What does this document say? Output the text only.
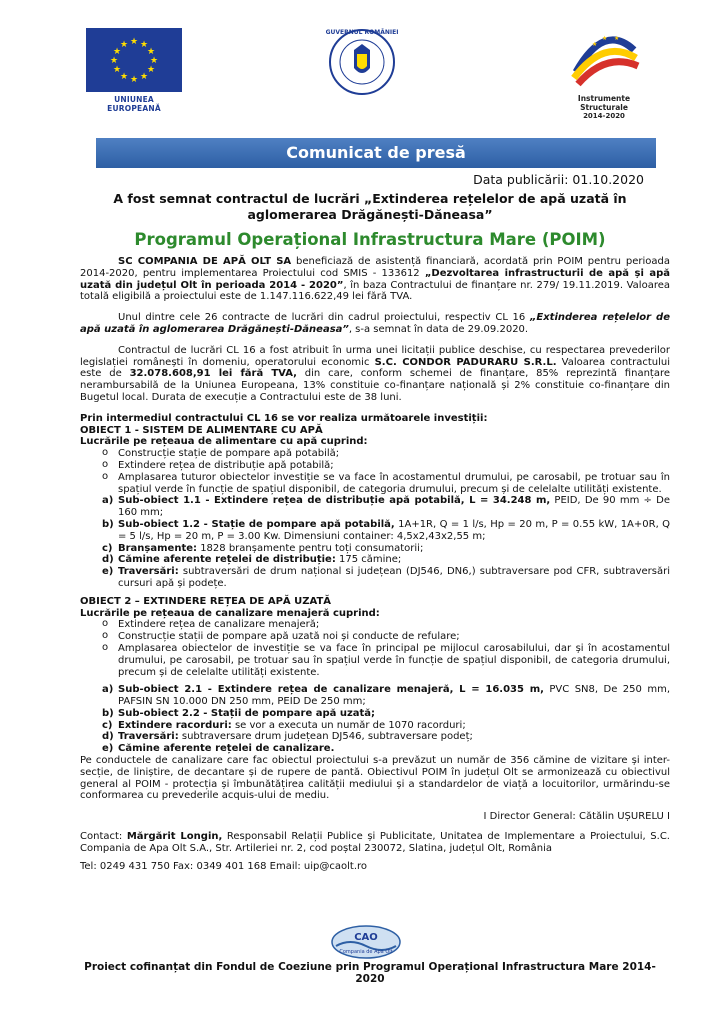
★ ★
★
★
★
★
★
★
★
★
★
★
UNIUNEA EUROPEANĂ
GUVERNUL ROMÂNIEI
★
★ ★
Instrumente Structurale
2014-2020
Comunicat de presă
Data publicării: 01.10.2020
A fost semnat contractul de lucrări „Extinderea rețelelor de apă uzată în aglomerarea Drăgănești-Dăneasa”
Programul Operațional Infrastructura Mare (POIM)

SC COMPANIA DE APĂ OLT SA beneficiază de asistență financiară, acordată prin POIM pentru perioada 2014-2020, pentru implementarea Proiectului cod SMIS - 133612 „Dezvoltarea infrastructurii de apă și apă uzată din județul Olt în perioada 2014 - 2020”, în baza Contractului de finanțare nr. 279/ 19.11.2019. Valoarea totală eligibilă a proiectului este de 1.147.116.622,49 lei fără TVA.

Unul dintre cele 26 contracte de lucrări din cadrul proiectului, respectiv CL 16 „Extinderea rețelelor de apă uzată în aglomerarea Drăgănești-Dăneasa”, s-a semnat în data de 29.09.2020.

Contractul de lucrări CL 16 a fost atribuit în urma unei licitații publice deschise, cu respectarea prevederilor legislației românești în domeniu, operatorului economic S.C. CONDOR PADURARU S.R.L. Valoarea contractului este de 32.078.608,91 lei fără TVA, din care, conform schemei de finanțare, 85% reprezintă finanțare nerambursabilă de la Uniunea Europeana, 13% constituie co-finanțare națională și 2% constituie co-finanțare din Bugetul local. Durata de execuție a Contractului este de 38 luni.

Prin intermediul contractului CL 16 se vor realiza următoarele investiții:
OBIECT 1 - SISTEM DE ALIMENTARE CU APĂ
Lucrările pe rețeaua de alimentare cu apă cuprind:
o Construcție stație de pompare apă potabilă;
o Extindere rețea de distribuție apă potabilă;
o Amplasarea tuturor obiectelor investiție se va face în acostamentul drumului, pe carosabil, pe trotuar sau în spațiul verde în funcție de spațiul disponibil, de categoria drumului, precum și de celelalte utilități existente.
a) Sub-obiect 1.1 - Extindere rețea de distribuție apă potabilă, L = 34.248 m, PEID, De 90 mm ÷ De 160 mm;
b) Sub-obiect 1.2 - Stație de pompare apă potabilă, 1A+1R, Q = 1 l/s, Hp = 20 m, P = 0.55 kW, 1A+0R, Q = 5 l/s, Hp = 20 m, P = 3.00 Kw. Dimensiuni container: 4,5x2,43x2,55 m;
c) Branșamente: 1828 branșamente pentru toți consumatorii;
d) Cămine aferente rețelei de distribuție: 175 cămine;
e) Traversări: subtraversări de drum național si județean (DJ546, DN6,) subtraversare pod CFR, subtraversări cursuri apă și podețe.
OBIECT 2 – EXTINDERE REȚEA DE APĂ UZATĂ
Lucrările pe rețeaua de canalizare menajeră cuprind:
o Extindere rețea de canalizare menajeră;
o Construcție stații de pompare apă uzată noi și conducte de refulare;
o Amplasarea obiectelor de investiție se va face în principal pe mijlocul carosabilului, dar și în acostamentul drumului, pe carosabil, pe trotuar sau în spațiul verde în funcție de spațiul disponibil, de categoria drumului, precum și de celelalte utilități existente.
a) Sub-obiect 2.1 - Extindere rețea de canalizare menajeră, L = 16.035 m, PVC SN8, De 250 mm, PAFSIN SN 10.000 DN 250 mm, PEID De 250 mm;
b) Sub-obiect 2.2 - Stații de pompare apă uzată;
c) Extindere racorduri: se vor a executa un număr de 1070 racorduri;
d) Traversări: subtraversare drum județean DJ546, subtraversare podeț;
e) Cămine aferente rețelei de canalizare.

Pe conductele de canalizare care fac obiectul proiectului s-a prevăzut un număr de 356 cămine de vizitare și inter-secție, de liniștire, de decantare și de rupere de pantă. Obiectivul POIM în județul Olt se armonizează cu obiectivul general al POIM - protecția și îmbunătățirea calității mediului și a standardelor de viață a locuitorilor, urmărindu-se conformarea cu prevederile acquis-ului de mediu.

I Director General: Cătălin UȘURELU I

Contact: Mărgărit Longin, Responsabil Relații Publice și Publicitate, Unitatea de Implementare a Proiectului, S.C. Compania de Apa Olt S.A., Str. Artileriei nr. 2, cod poștal 230072, Slatina, județul Olt, România

Tel: 0249 431 750 Fax: 0349 401 168 Email: uip@caolt.ro

CAO
Compania de Apa Olt
Proiect cofinanțat din Fondul de Coeziune prin Programul Operațional Infrastructura Mare 2014-2020
